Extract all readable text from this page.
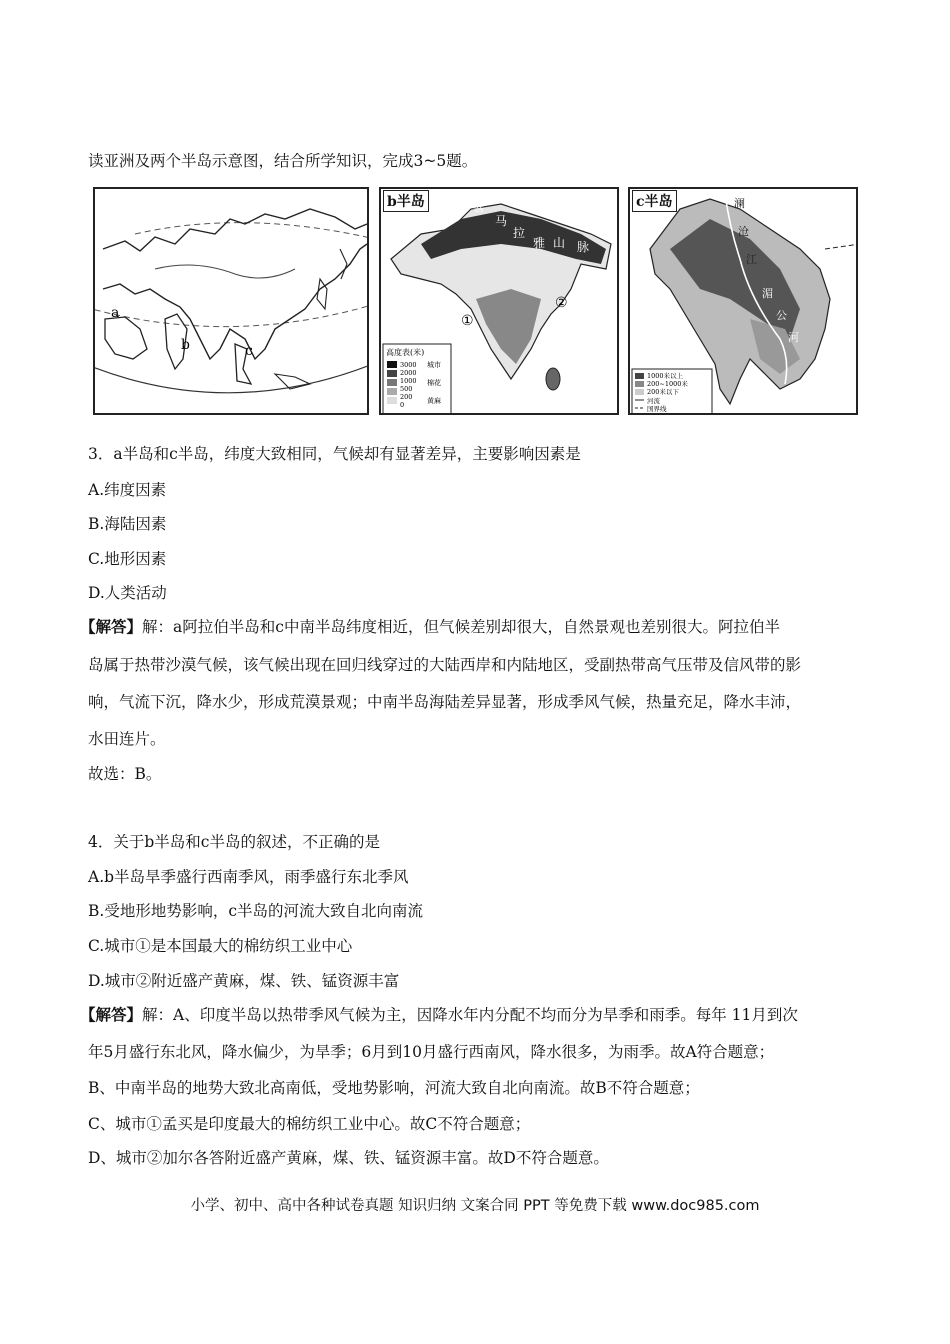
读亚洲及两个半岛示意图，结合所学知识，完成3~5题。
a
b	c
喜
马
拉
雅 山 脉
①
②
高度表(米)
3000
2000
1000
500
200
0
城市
棉花
黄麻
b半岛	澜
沧
江
湄
公
河
1000米以上
200~1000米
200米以下
河流
国界线
c半岛
3．a半岛和c半岛，纬度大致相同，气候却有显著差异，主要影响因素是
A.纬度因素
B.海陆因素
C.地形因素
D.人类活动
【解答】解：a阿拉伯半岛和c中南半岛纬度相近，但气候差别却很大，自然景观也差别很大。阿拉伯半
岛属于热带沙漠气候，该气候出现在回归线穿过的大陆西岸和内陆地区，受副热带高气压带及信风带的影
响，气流下沉，降水少，形成荒漠景观；中南半岛海陆差异显著，形成季风气候，热量充足，降水丰沛，
水田连片。
故选：B。
4．关于b半岛和c半岛的叙述，不正确的是
A.b半岛旱季盛行西南季风，雨季盛行东北季风
B.受地形地势影响，c半岛的河流大致自北向南流
C.城市①是本国最大的棉纺织工业中心
D.城市②附近盛产黄麻，煤、铁、锰资源丰富
【解答】解：A、印度半岛以热带季风气候为主，因降水年内分配不均而分为旱季和雨季。每年 11月到次
年5月盛行东北风，降水偏少，为旱季；6月到10月盛行西南风，降水很多，为雨季。故A符合题意；
B、中南半岛的地势大致北高南低，受地势影响，河流大致自北向南流。故B不符合题意；
C、城市①孟买是印度最大的棉纺织工业中心。故C不符合题意；
D、城市②加尔各答附近盛产黄麻，煤、铁、锰资源丰富。故D不符合题意。
小学、初中、高中各种试卷真题 知识归纳 文案合同 PPT 等免费下载 www.doc985.com
